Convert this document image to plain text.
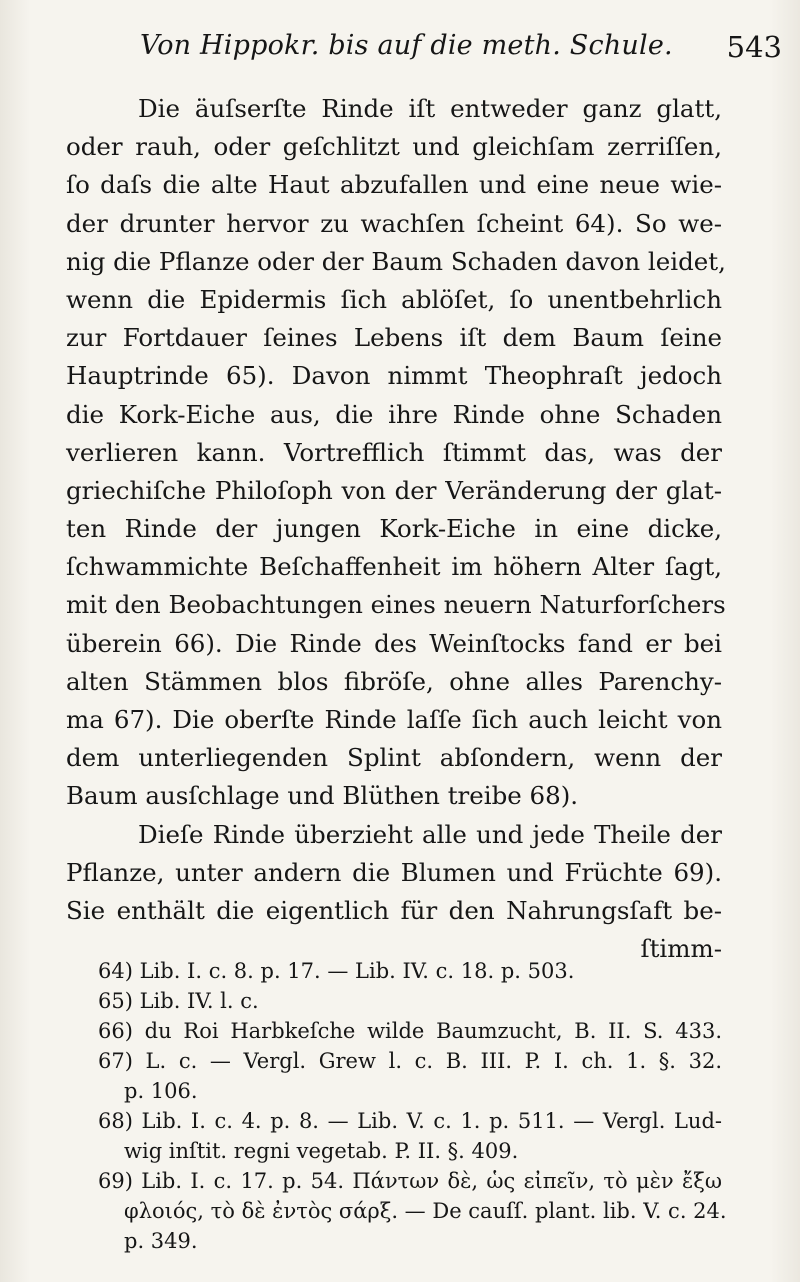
Von Hippokr. bis auf die meth. Schule. 543
Die äuſserſte Rinde iſt entweder ganz glatt,
oder rauh, oder geſchlitzt und gleichſam zerriſſen,
ſo daſs die alte Haut abzufallen und eine neue wie-
der drunter hervor zu wachſen ſcheint 64). So we-
nig die Pflanze oder der Baum Schaden davon leidet,
wenn die Epidermis ſich ablöſet, ſo unentbehrlich
zur Fortdauer ſeines Lebens iſt dem Baum ſeine
Hauptrinde 65). Davon nimmt Theophraſt jedoch
die Kork-Eiche aus, die ihre Rinde ohne Schaden
verlieren kann. Vortrefflich ſtimmt das, was der
griechiſche Philoſoph von der Veränderung der glat-
ten Rinde der jungen Kork-Eiche in eine dicke,
ſchwammichte Beſchaffenheit im höhern Alter ſagt,
mit den Beobachtungen eines neuern Naturforſchers
überein 66). Die Rinde des Weinſtocks fand er bei
alten Stämmen blos fibröſe, ohne alles Parenchy-
ma 67). Die oberſte Rinde laſſe ſich auch leicht von
dem unterliegenden Splint abſondern, wenn der
Baum ausſchlage und Blüthen treibe 68).
Dieſe Rinde überzieht alle und jede Theile der
Pflanze, unter andern die Blumen und Früchte 69).
Sie enthält die eigentlich für den Nahrungsſaft be-
ſtimm-
64) Lib. I. c. 8. p. 17. — Lib. IV. c. 18. p. 503.
65) Lib. IV. l. c.
66) du Roi Harbkeſche wilde Baumzucht, B. II. S. 433.
67) L. c. — Vergl. Grew l. c. B. III. P. I. ch. 1. §. 32.
p. 106.
68) Lib. I. c. 4. p. 8. — Lib. V. c. 1. p. 511. — Vergl. Lud-
wig inſtit. regni vegetab. P. II. §. 409.
69) Lib. I. c. 17. p. 54. Πάντων δὲ, ὡς εἰπεῖν, τὸ μὲν ἔξω
φλοιός, τὸ δὲ ἐντὸς σάρξ. — De cauſſ. plant. lib. V. c. 24.
p. 349.
